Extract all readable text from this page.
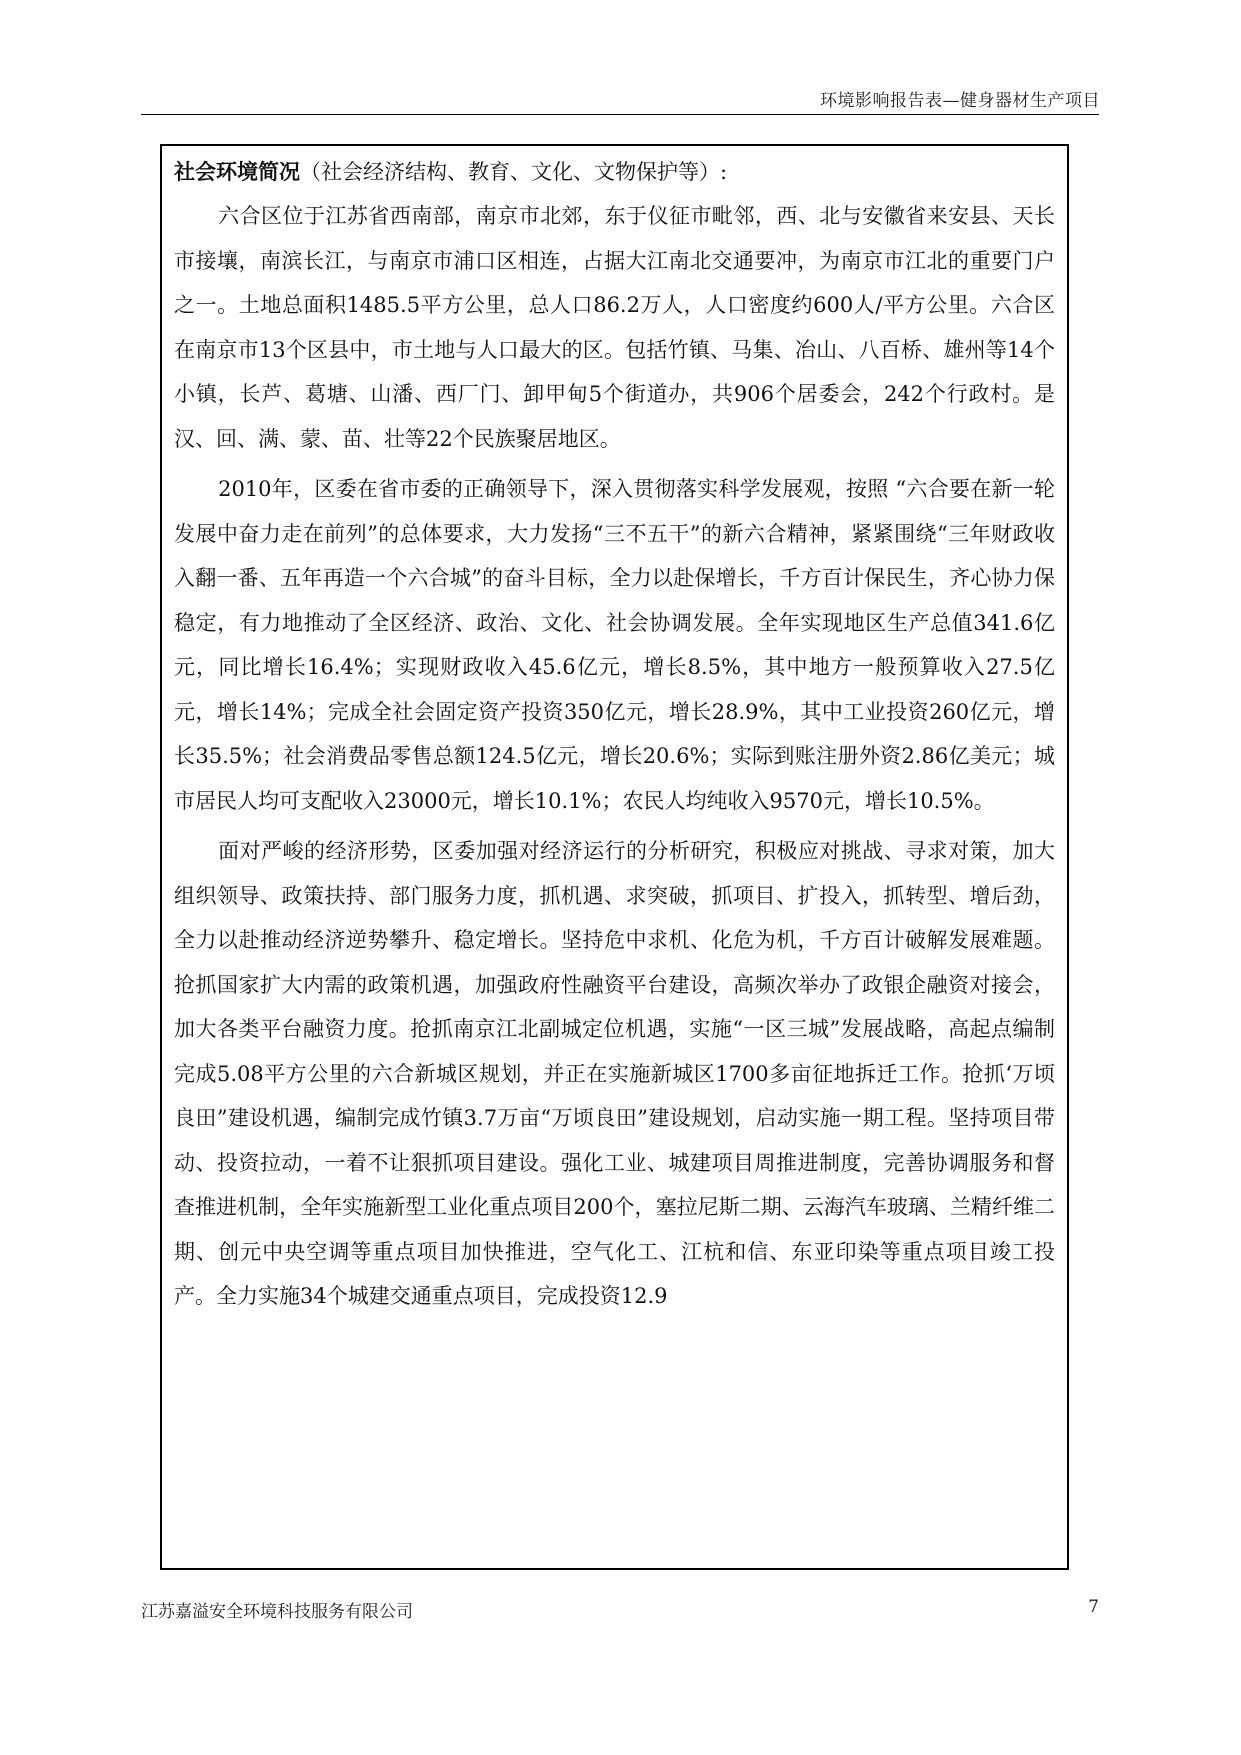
环境影响报告表—健身器材生产项目

社会环境简况（社会经济结构、教育、文化、文物保护等）:

六合区位于江苏省西南部，南京市北郊，东于仪征市毗邻，西、北与安徽省来安县、天长市接壤，南滨长江，与南京市浦口区相连，占据大江南北交通要冲，为南京市江北的重要门户之一。土地总面积1485.5平方公里，总人口86.2万人，人口密度约600人/平方公里。六合区在南京市13个区县中，市土地与人口最大的区。包括竹镇、马集、冶山、八百桥、雄州等14个小镇，长芦、葛塘、山潘、西厂门、卸甲甸5个街道办，共906个居委会，242个行政村。是汉、回、满、蒙、苗、壮等22个民族聚居地区。

2010年，区委在省市委的正确领导下，深入贯彻落实科学发展观，按照 “六合要在新一轮发展中奋力走在前列”的总体要求，大力发扬“三不五干”的新六合精神，紧紧围绕“三年财政收入翻一番、五年再造一个六合城”的奋斗目标，全力以赴保增长，千方百计保民生，齐心协力保稳定，有力地推动了全区经济、政治、文化、社会协调发展。全年实现地区生产总值341.6亿元，同比增长16.4%；实现财政收入45.6亿元，增长8.5%，其中地方一般预算收入27.5亿元，增长14%；完成全社会固定资产投资350亿元，增长28.9%，其中工业投资260亿元，增长35.5%；社会消费品零售总额124.5亿元，增长20.6%；实际到账注册外资2.86亿美元；城市居民人均可支配收入23000元，增长10.1%；农民人均纯收入9570元，增长10.5%。

面对严峻的经济形势，区委加强对经济运行的分析研究，积极应对挑战、寻求对策，加大组织领导、政策扶持、部门服务力度，抓机遇、求突破，抓项目、扩投入，抓转型、增后劲，全力以赴推动经济逆势攀升、稳定增长。坚持危中求机、化危为机，千方百计破解发展难题。抢抓国家扩大内需的政策机遇，加强政府性融资平台建设，高频次举办了政银企融资对接会，加大各类平台融资力度。抢抓南京江北副城定位机遇，实施“一区三城”发展战略，高起点编制完成5.08平方公里的六合新城区规划，并正在实施新城区1700多亩征地拆迁工作。抢抓‘万顷良田”建设机遇，编制完成竹镇3.7万亩“万顷良田”建设规划，启动实施一期工程。坚持项目带动、投资拉动，一着不让狠抓项目建设。强化工业、城建项目周推进制度，完善协调服务和督查推进机制，全年实施新型工业化重点项目200个，塞拉尼斯二期、云海汽车玻璃、兰精纤维二期、创元中央空调等重点项目加快推进，空气化工、江杭和信、东亚印染等重点项目竣工投产。全力实施34个城建交通重点项目，完成投资12.9

江苏嘉溢安全环境科技服务有限公司	7
